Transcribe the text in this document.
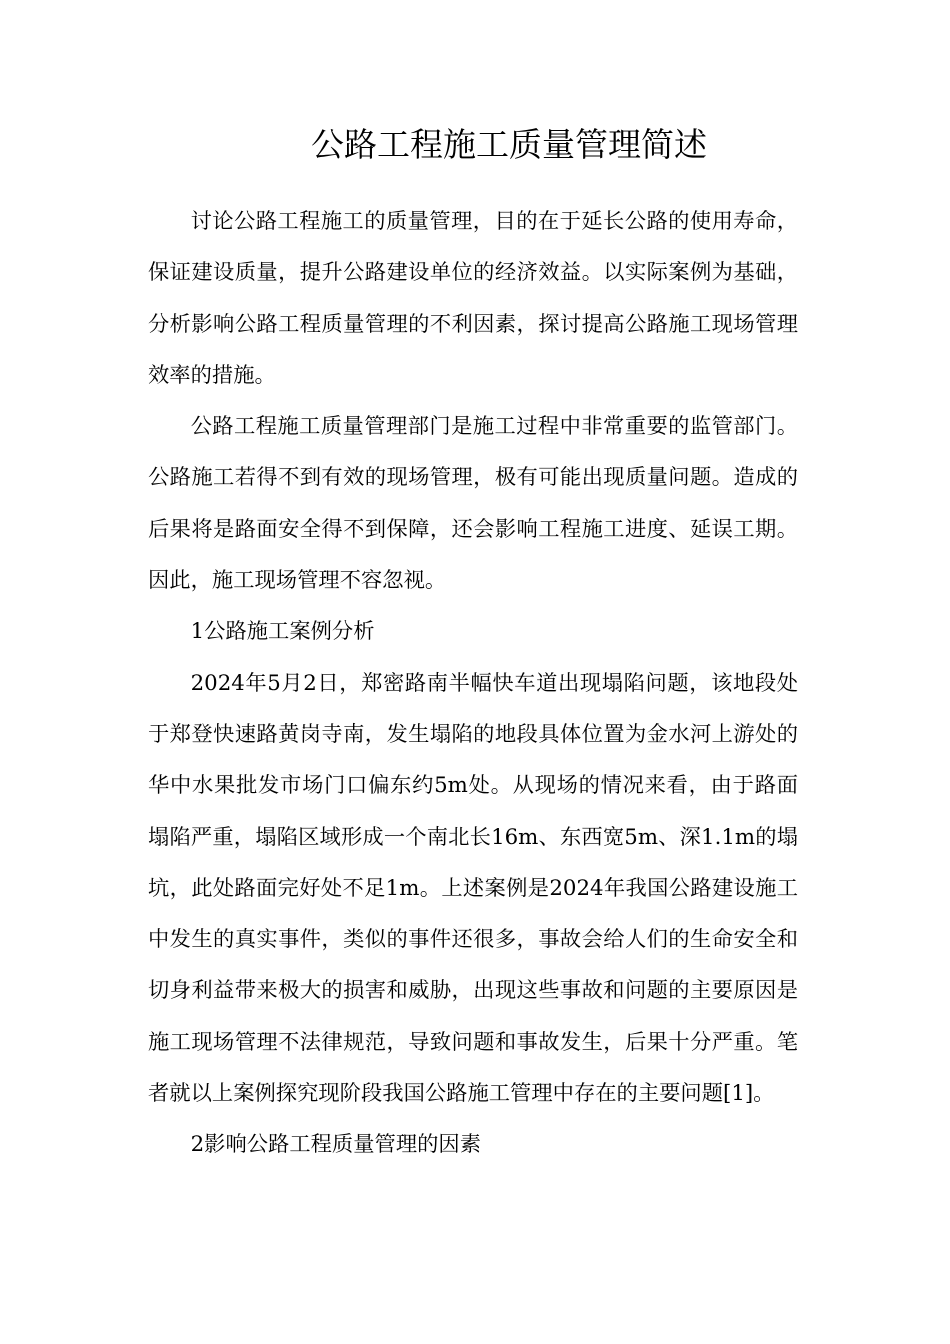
公路工程施工质量管理简述

讨论公路工程施工的质量管理，目的在于延长公路的使用寿命，保证建设质量，提升公路建设单位的经济效益。以实际案例为基础，分析影响公路工程质量管理的不利因素，探讨提高公路施工现场管理效率的措施。

公路工程施工质量管理部门是施工过程中非常重要的监管部门。公路施工若得不到有效的现场管理，极有可能出现质量问题。造成的后果将是路面安全得不到保障，还会影响工程施工进度、延误工期。因此，施工现场管理不容忽视。

1公路施工案例分析

2024年5月2日，郑密路南半幅快车道出现塌陷问题，该地段处于郑登快速路黄岗寺南，发生塌陷的地段具体位置为金水河上游处的华中水果批发市场门口偏东约5m处。从现场的情况来看，由于路面塌陷严重，塌陷区域形成一个南北长16m、东西宽5m、深1.1m的塌坑，此处路面完好处不足1m。上述案例是2024年我国公路建设施工中发生的真实事件，类似的事件还很多，事故会给人们的生命安全和切身利益带来极大的损害和威胁，出现这些事故和问题的主要原因是施工现场管理不法律规范，导致问题和事故发生，后果十分严重。笔者就以上案例探究现阶段我国公路施工管理中存在的主要问题[1]。

2影响公路工程质量管理的因素
